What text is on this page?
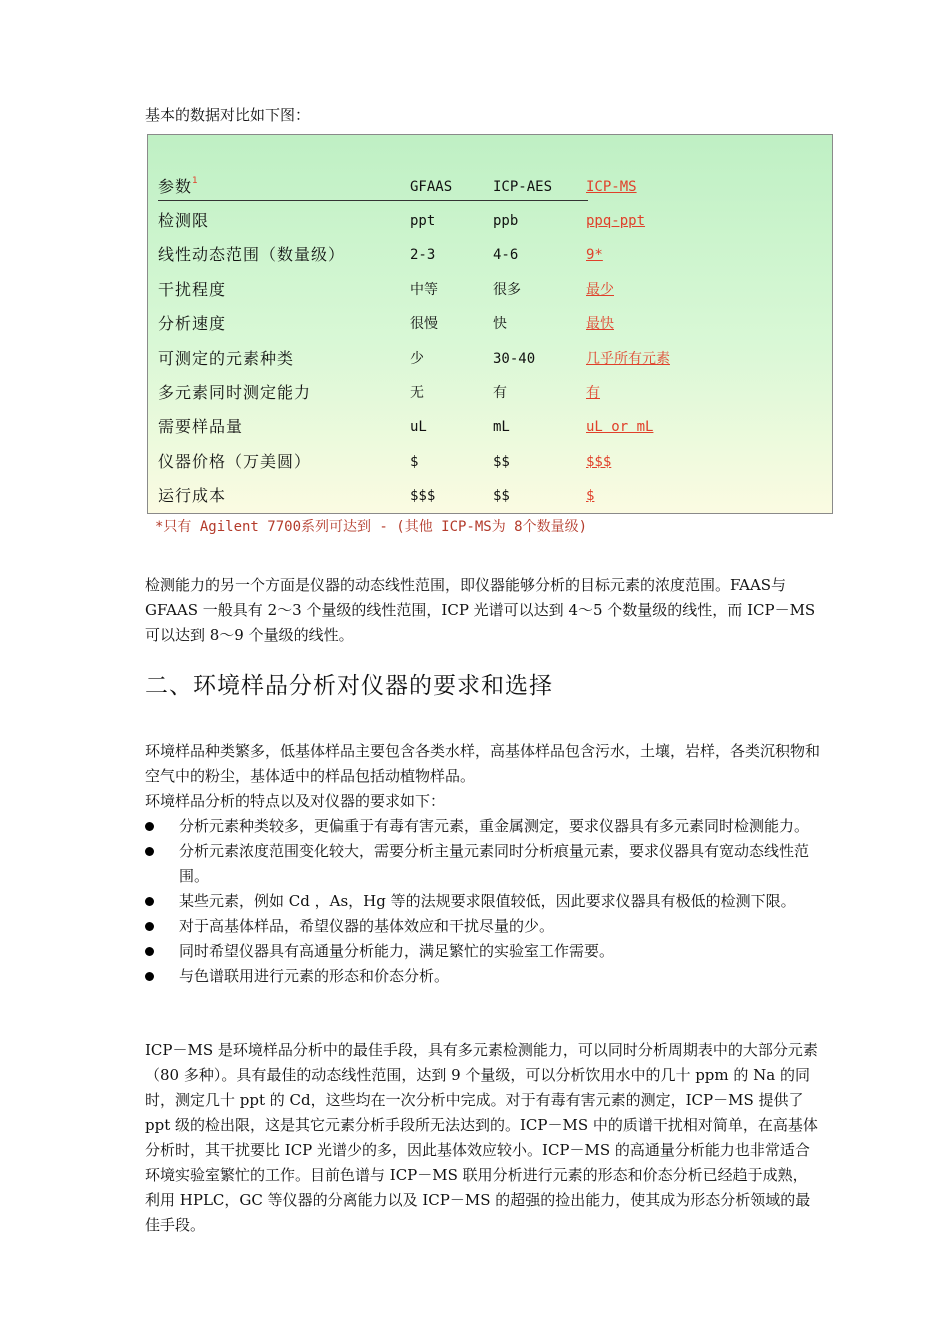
基本的数据对比如下图：
参数$^1$	GFAAS	ICP-AES	ICP-MS
检测限	ppt	ppb	ppq-ppt
线性动态范围（数量级）	2-3	4-6	9*
干扰程度	中等	很多	最少
分析速度	很慢	快	最快
可测定的元素种类	少	30-40	几乎所有元素
多元素同时测定能力	无	有	有
需要样品量	uL	mL	uL or mL
仪器价格（万美圆）	$	$$	$$$
运行成本	$$$	$$	$
*只有 Agilent 7700系列可达到 - (其他 ICP-MS为 8个数量级)
检测能力的另一个方面是仪器的动态线性范围，即仪器能够分析的目标元素的浓度范围。FAAS与 GFAAS 一般具有 2～3 个量级的线性范围，ICP 光谱可以达到 4～5 个数量级的线性，而 ICP－MS 可以达到 8～9 个量级的线性。
二、环境样品分析对仪器的要求和选择
环境样品种类繁多，低基体样品主要包含各类水样，高基体样品包含污水，土壤，岩样，各类沉积物和空气中的粉尘，基体适中的样品包括动植物样品。
环境样品分析的特点以及对仪器的要求如下：
分析元素种类较多，更偏重于有毒有害元素，重金属测定，要求仪器具有多元素同时检测能力。
分析元素浓度范围变化较大，需要分析主量元素同时分析痕量元素，要求仪器具有宽动态线性范围。
某些元素，例如 Cd ，As，Hg 等的法规要求限值较低，因此要求仪器具有极低的检测下限。
对于高基体样品，希望仪器的基体效应和干扰尽量的少。
同时希望仪器具有高通量分析能力，满足繁忙的实验室工作需要。
与色谱联用进行元素的形态和价态分析。
ICP－MS 是环境样品分析中的最佳手段，具有多元素检测能力，可以同时分析周期表中的大部分元素（80 多种）。具有最佳的动态线性范围，达到 9 个量级，可以分析饮用水中的几十 ppm 的 Na 的同时，测定几十 ppt 的 Cd，这些均在一次分析中完成。对于有毒有害元素的测定，ICP－MS 提供了 ppt 级的检出限，这是其它元素分析手段所无法达到的。ICP－MS 中的质谱干扰相对简单，在高基体分析时，其干扰要比 ICP 光谱少的多，因此基体效应较小。ICP－MS 的高通量分析能力也非常适合环境实验室繁忙的工作。目前色谱与 ICP－MS 联用分析进行元素的形态和价态分析已经趋于成熟，利用 HPLC，GC 等仪器的分离能力以及 ICP－MS 的超强的捡出能力，使其成为形态分析领域的最佳手段。
